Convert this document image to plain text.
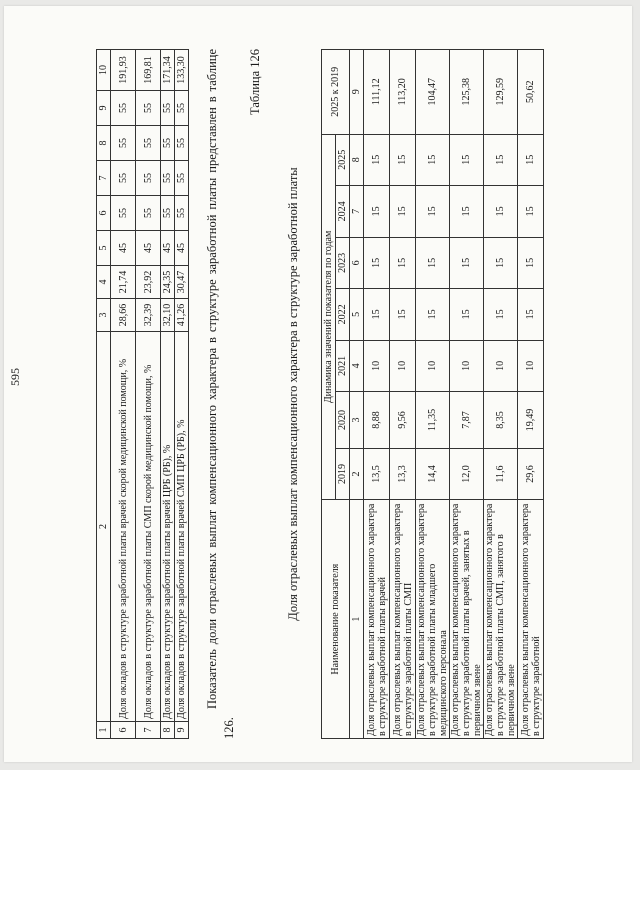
595
1	2	3	4	5	6	7	8	9	10
6	Доля окладов в структуре заработной платы врачей скорой медицинской помощи, %	28,66	21,74	45	55	55	55	55	191,93
7	Доля окладов в структуре заработной платы СМП скорой медицинской помощи, %	32,39	23,92	45	55	55	55	55	169,81
8	Доля окладов в структуре заработной платы врачей ЦРБ (РБ), %	32,10	24,35	45	55	55	55	55	171,34
9	Доля окладов в структуре заработной платы врачей СМП ЦРБ (РБ), %	41,26	30,47	45	55	55	55	55	133,30 Показатель доли отраслевых выплат компенсационного характера в структуре заработной платы представлен в таблице 126.
Таблица 126
Доля отраслевых выплат компенсационного характера в структуре заработной платы	Наименование показателя	Динамика значений показателя по годам							2025 к 2019
	2019	2020	2021	2022	2023	2024	2025	
1	2	3	4	5	6	7	8	9
Доля отраслевых выплат компенсационного характера в структуре заработной платы врачей	13,5	8,88	10	15	15	15	15	111,12
Доля отраслевых выплат компенсационного характера в структуре заработной платы СМП	13,3	9,56	10	15	15	15	15	113,20
Доля отраслевых выплат компенсационного характера в структуре заработной платы младшего медицинского персонала	14,4	11,35	10	15	15	15	15	104,47
Доля отраслевых выплат компенсационного характера в структуре заработной платы врачей, занятых в первичном звене	12,0	7,87	10	15	15	15	15	125,38
Доля отраслевых выплат компенсационного характера в структуре заработной платы СМП, занятого в первичном звене	11,6	8,35	10	15	15	15	15	129,59
Доля отраслевых выплат компенсационного характера в структуре заработной	29,6	19,49	10	15	15	15	15	50,62
